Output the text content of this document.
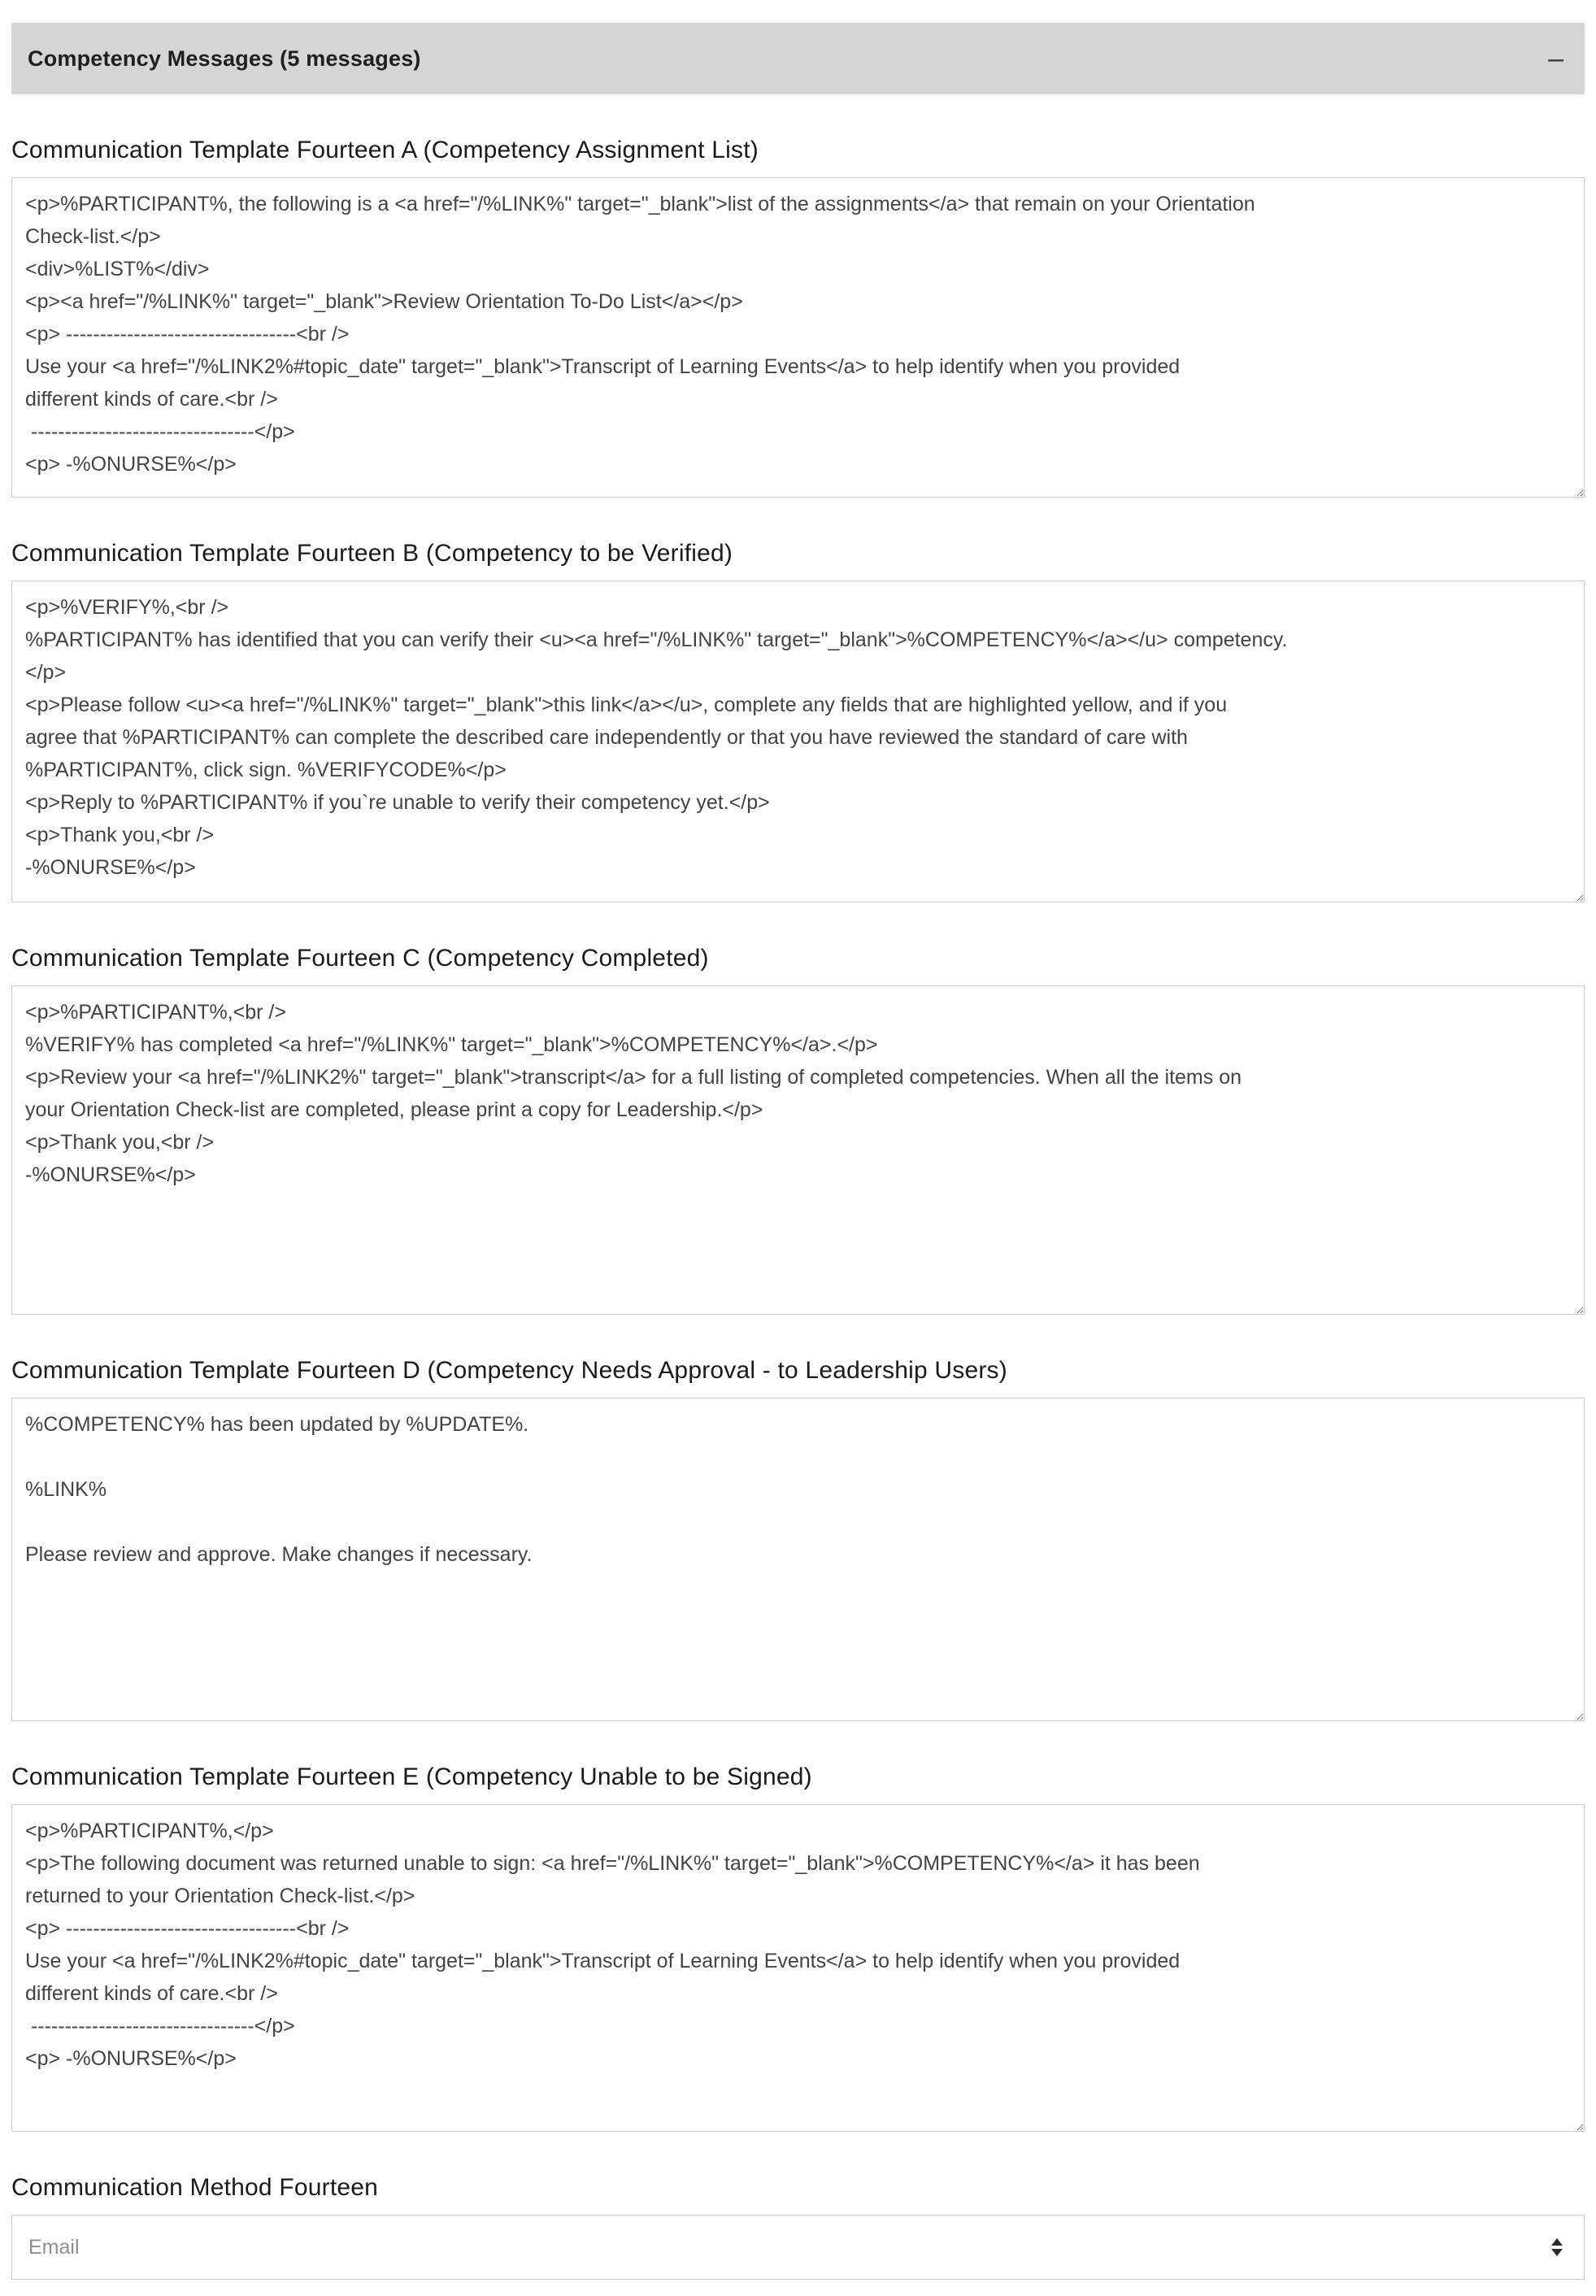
Competency Messages (5 messages)	–
Communication Template Fourteen A (Competency Assignment List)
<p>%PARTICIPANT%, the following is a <a href="/%LINK%" target="_blank">list of the assignments</a> that remain on your Orientation Check-list.</p> <div>%LIST%</div> <p><a href="/%LINK%" target="_blank">Review Orientation To-Do List</a></p> <p> ----------------------------------<br /> Use your <a href="/%LINK2%#topic_date" target="_blank">Transcript of Learning Events</a> to help identify when you provided different kinds of care.<br /> ---------------------------------</p> <p> -%ONURSE%</p>
Communication Template Fourteen B (Competency to be Verified)
<p>%VERIFY%,<br /> %PARTICIPANT% has identified that you can verify their <u><a href="/%LINK%" target="_blank">%COMPETENCY%</a></u> competency. </p> <p>Please follow <u><a href="/%LINK%" target="_blank">this link</a></u>, complete any fields that are highlighted yellow, and if you agree that %PARTICIPANT% can complete the described care independently or that you have reviewed the standard of care with %PARTICIPANT%, click sign. %VERIFYCODE%</p> <p>Reply to %PARTICIPANT% if you`re unable to verify their competency yet.</p> <p>Thank you,<br /> -%ONURSE%</p>
Communication Template Fourteen C (Competency Completed)
<p>%PARTICIPANT%,<br /> %VERIFY% has completed <a href="/%LINK%" target="_blank">%COMPETENCY%</a>.</p> <p>Review your <a href="/%LINK2%" target="_blank">transcript</a> for a full listing of completed competencies. When all the items on your Orientation Check-list are completed, please print a copy for Leadership.</p> <p>Thank you,<br /> -%ONURSE%</p>
Communication Template Fourteen D (Competency Needs Approval - to Leadership Users)
%COMPETENCY% has been updated by %UPDATE%. %LINK% Please review and approve. Make changes if necessary.
Communication Template Fourteen E (Competency Unable to be Signed)
<p>%PARTICIPANT%,</p> <p>The following document was returned unable to sign: <a href="/%LINK%" target="_blank">%COMPETENCY%</a> it has been returned to your Orientation Check-list.</p> <p> ----------------------------------<br /> Use your <a href="/%LINK2%#topic_date" target="_blank">Transcript of Learning Events</a> to help identify when you provided different kinds of care.<br /> ---------------------------------</p> <p> -%ONURSE%</p>
Communication Method Fourteen
Email
